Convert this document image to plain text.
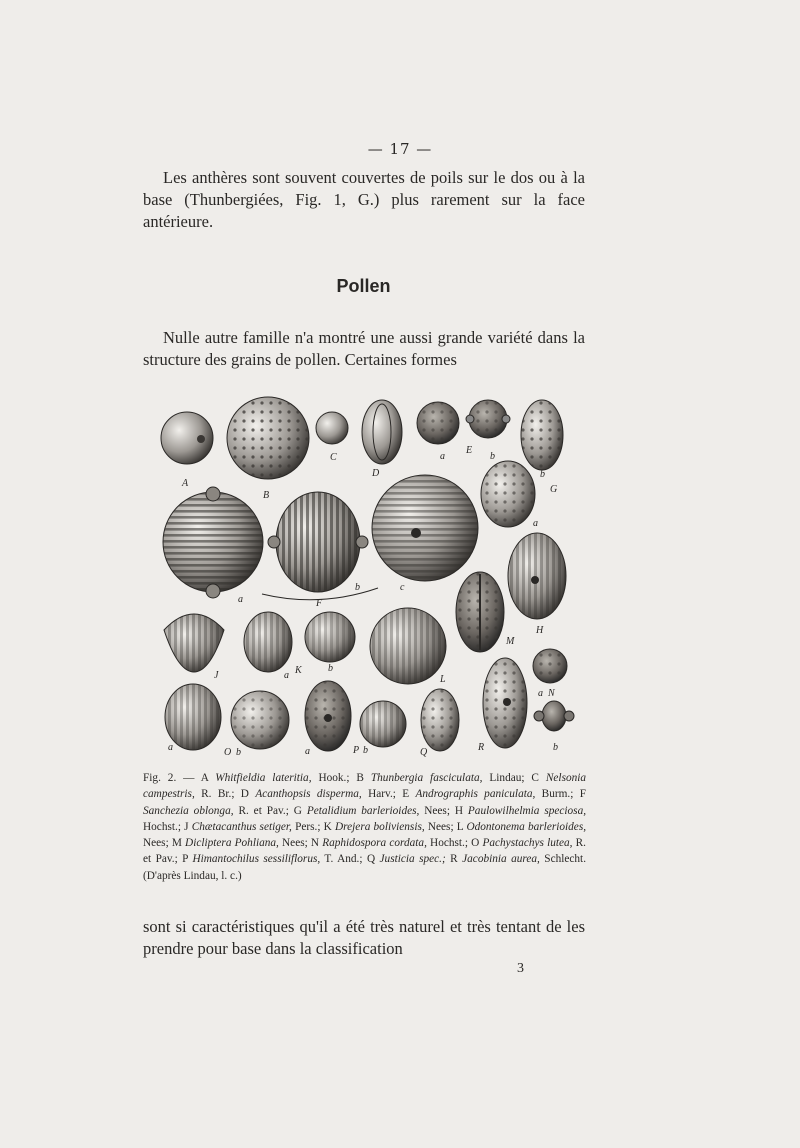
— 17 —
Les anthères sont souvent couvertes de poils sur le dos ou à la base (Thunbergiées, Fig. 1, G.) plus rarement sur la face antérieure.
Pollen
Nulle autre famille n'a montré une aussi grande variété dans la structure des grains de pollen. Certaines formes
A
B
C
D
a
E
b
b
G
a
a
b
F
c
H
M
J	a K	b
L
a N
b
R
a	O b	a	P b	Q
Fig. 2. — A Whitfieldia lateritia, Hook.; B Thunbergia fasciculata, Lindau; C Nelsonia campestris, R. Br.; D Acanthopsis disperma, Harv.; E Andrographis paniculata, Burm.; F Sanchezia oblonga, R. et Pav.; G Petalidium barlerioides, Nees; H Paulowilhelmia speciosa, Hochst.; J Chætacanthus setiger, Pers.; K Drejera boliviensis, Nees; L Odontonema barlerioides, Nees; M Dicliptera Pohliana, Nees; N Raphidospora cordata, Hochst.; O Pachystachys lutea, R. et Pav.; P Himantochilus sessiliflorus, T. And.; Q Justicia spec.; R Jacobinia aurea, Schlecht. (D'après Lindau, l. c.)
sont si caractéristiques qu'il a été très naturel et très tentant de les prendre pour base dans la classification
3
